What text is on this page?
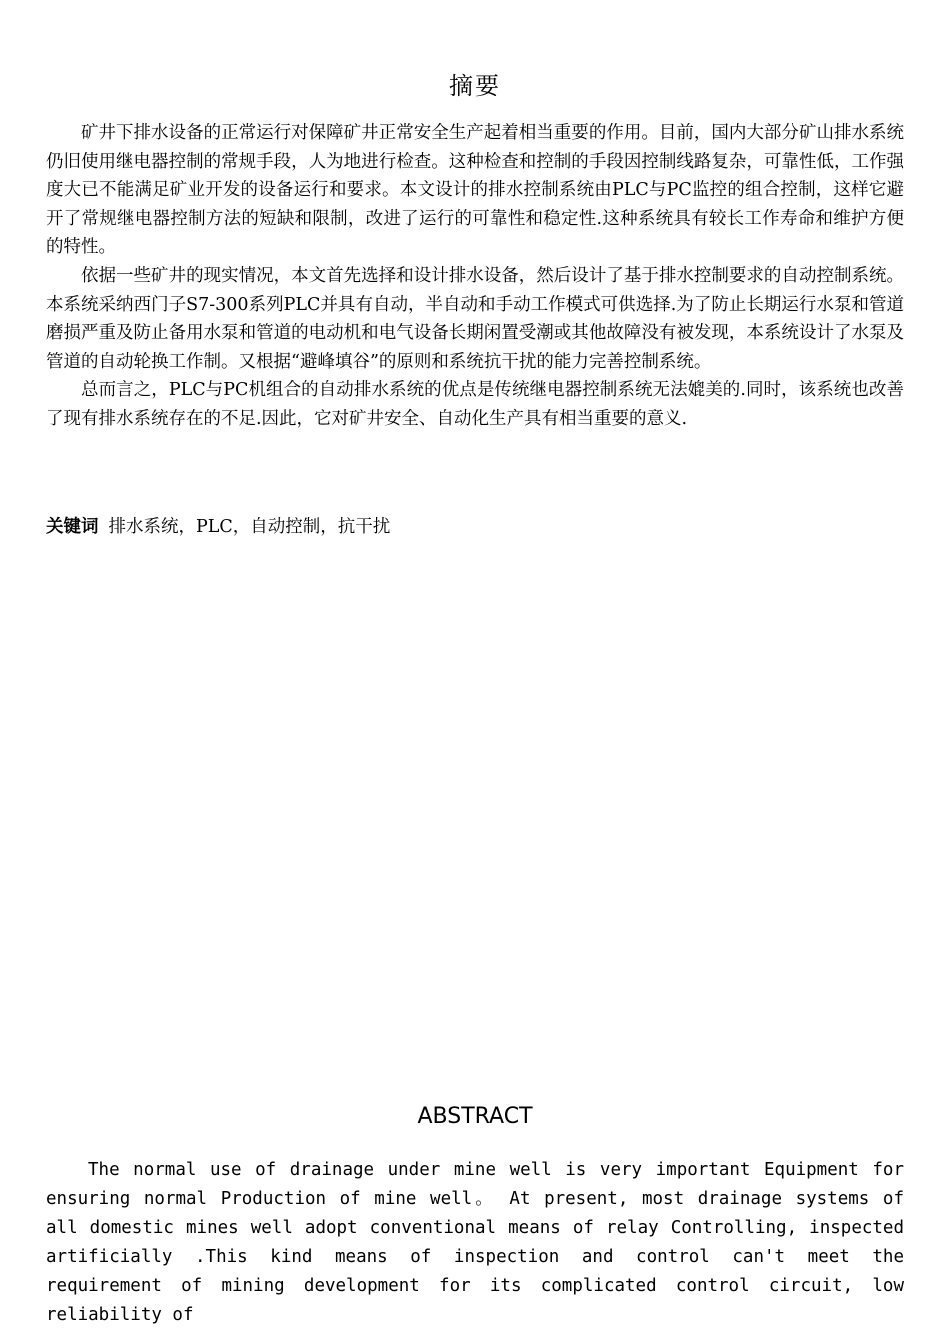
摘要

矿井下排水设备的正常运行对保障矿井正常安全生产起着相当重要的作用。目前，国内大部分矿山排水系统仍旧使用继电器控制的常规手段，人为地进行检查。这种检查和控制的手段因控制线路复杂，可靠性低，工作强度大已不能满足矿业开发的设备运行和要求。本文设计的排水控制系统由PLC与PC监控的组合控制，这样它避开了常规继电器控制方法的短缺和限制，改进了运行的可靠性和稳定性.这种系统具有较长工作寿命和维护方便的特性。

依据一些矿井的现实情况，本文首先选择和设计排水设备，然后设计了基于排水控制要求的自动控制系统。本系统采纳西门子S7-300系列PLC并具有自动，半自动和手动工作模式可供选择.为了防止长期运行水泵和管道磨损严重及防止备用水泵和管道的电动机和电气设备长期闲置受潮或其他故障没有被发现，本系统设计了水泵及管道的自动轮换工作制。又根据“避峰填谷”的原则和系统抗干扰的能力完善控制系统。

总而言之，PLC与PC机组合的自动排水系统的优点是传统继电器控制系统无法媲美的.同时，该系统也改善了现有排水系统存在的不足.因此，它对矿井安全、自动化生产具有相当重要的意义.

关键词 排水系统，PLC，自动控制，抗干扰
ABSTRACT

The normal use of drainage under mine well is very important Equipment for ensuring normal Production of mine well。 At present, most drainage systems of all domestic mines well adopt conventional means of relay Controlling, inspected artificially .This kind means of inspection and control can't meet the requirement of mining development for its complicated control circuit, low reliability of
